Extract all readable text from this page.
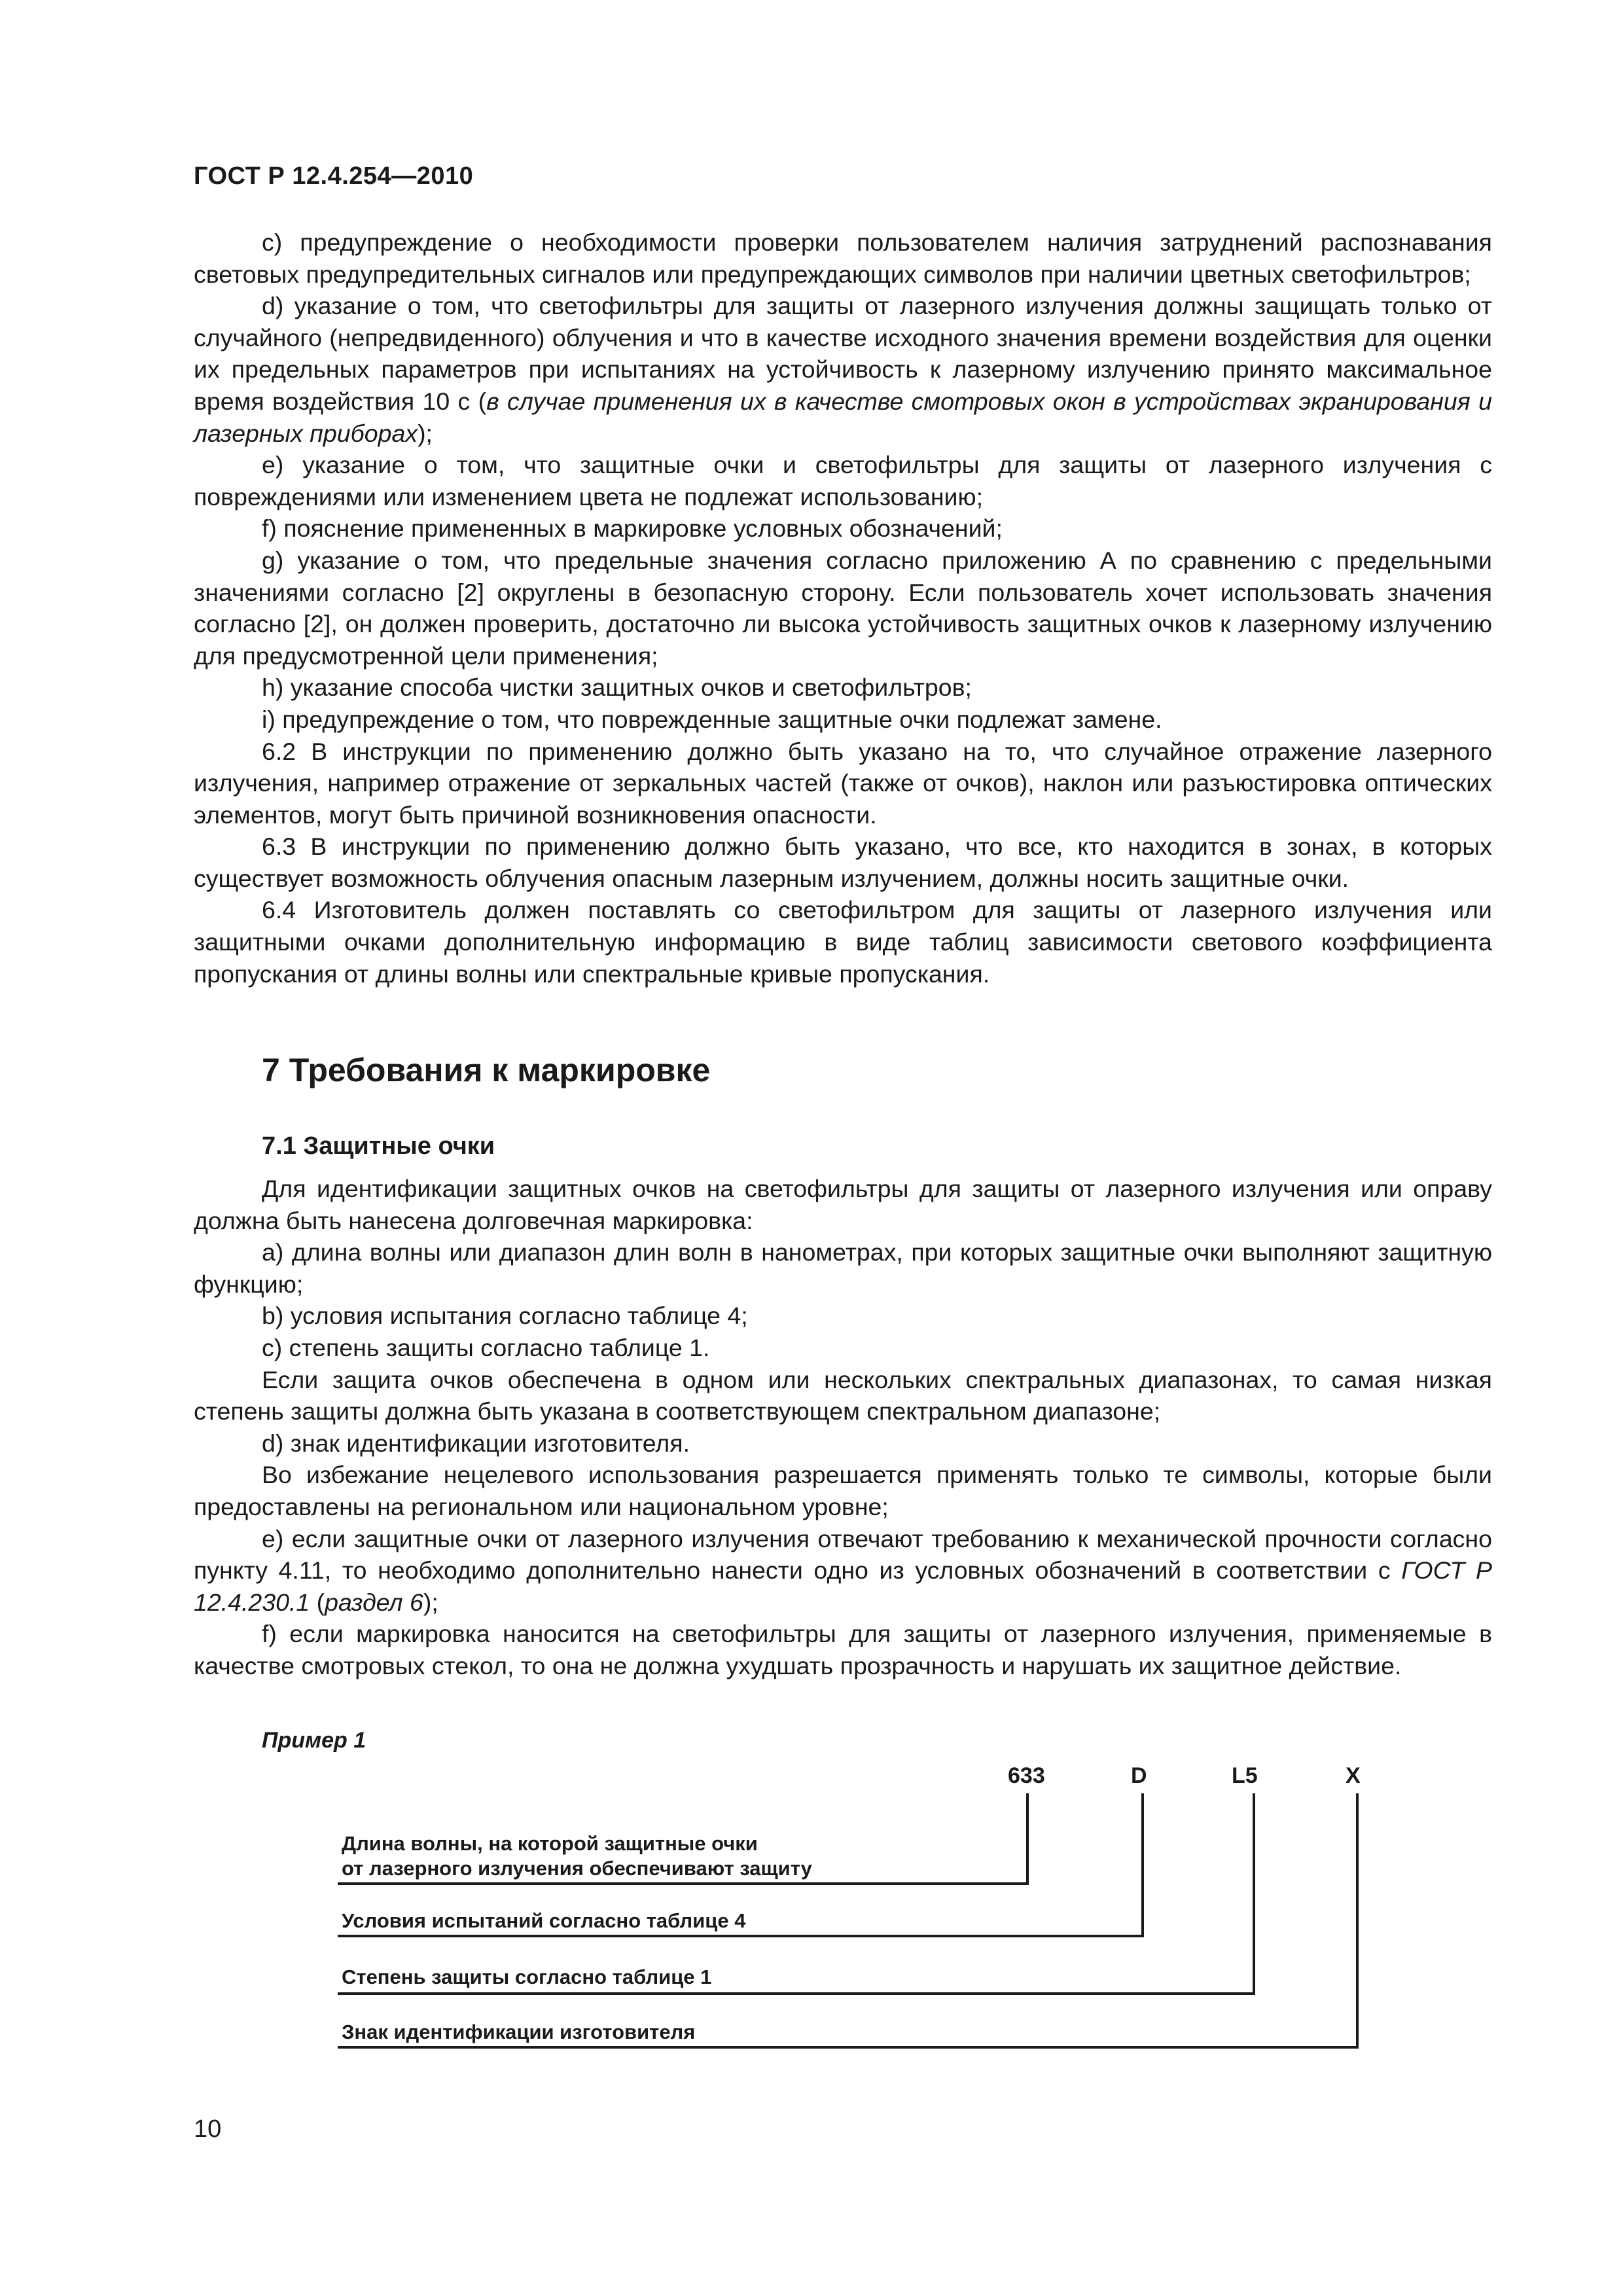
ГОСТ Р 12.4.254—2010

c) предупреждение о необходимости проверки пользователем наличия затруднений распознавания световых предупредительных сигналов или предупреждающих символов при наличии цветных светофильтров;

d) указание о том, что светофильтры для защиты от лазерного излучения должны защищать только от случайного (непредвиденного) облучения и что в качестве исходного значения времени воздействия для оценки их предельных параметров при испытаниях на устойчивость к лазерному излучению принято максимальное время воздействия 10 с (в случае применения их в качестве смотровых окон в устройствах экранирования и лазерных приборах);

e) указание о том, что защитные очки и светофильтры для защиты от лазерного излучения с повреждениями или изменением цвета не подлежат использованию;

f) пояснение примененных в маркировке условных обозначений;

g) указание о том, что предельные значения согласно приложению А по сравнению с предельными значениями согласно [2] округлены в безопасную сторону. Если пользователь хочет использовать значения согласно [2], он должен проверить, достаточно ли высока устойчивость защитных очков к лазерному излучению для предусмотренной цели применения;

h) указание способа чистки защитных очков и светофильтров;

i) предупреждение о том, что поврежденные защитные очки подлежат замене.

6.2 В инструкции по применению должно быть указано на то, что случайное отражение лазерного излучения, например отражение от зеркальных частей (также от очков), наклон или разъюстировка оптических элементов, могут быть причиной возникновения опасности.

6.3 В инструкции по применению должно быть указано, что все, кто находится в зонах, в которых существует возможность облучения опасным лазерным излучением, должны носить защитные очки.

6.4 Изготовитель должен поставлять со светофильтром для защиты от лазерного излучения или защитными очками дополнительную информацию в виде таблиц зависимости светового коэффициента пропускания от длины волны или спектральные кривые пропускания.

7 Требования к маркировке
7.1 Защитные очки

Для идентификации защитных очков на светофильтры для защиты от лазерного излучения или оправу должна быть нанесена долговечная маркировка:

a) длина волны или диапазон длин волн в нанометрах, при которых защитные очки выполняют защитную функцию;

b) условия испытания согласно таблице 4;

c) степень защиты согласно таблице 1.

Если защита очков обеспечена в одном или нескольких спектральных диапазонах, то самая низкая степень защиты должна быть указана в соответствующем спектральном диапазоне;

d) знак идентификации изготовителя.

Во избежание нецелевого использования разрешается применять только те символы, которые были предоставлены на региональном или национальном уровне;

e) если защитные очки от лазерного излучения отвечают требованию к механической прочности согласно пункту 4.11, то необходимо дополнительно нанести одно из условных обозначений в соответствии с ГОСТ Р 12.4.230.1 (раздел 6);

f) если маркировка наносится на светофильтры для защиты от лазерного излучения, применяемые в качестве смотровых стекол, то она не должна ухудшать прозрачность и нарушать их защитное действие.

Пример 1
633	D	L5	X
Длина волны, на которой защитные очки
от лазерного излучения обеспечивают защиту
Условия испытаний согласно таблице 4
Степень защиты согласно таблице 1
Знак идентификации изготовителя
10
